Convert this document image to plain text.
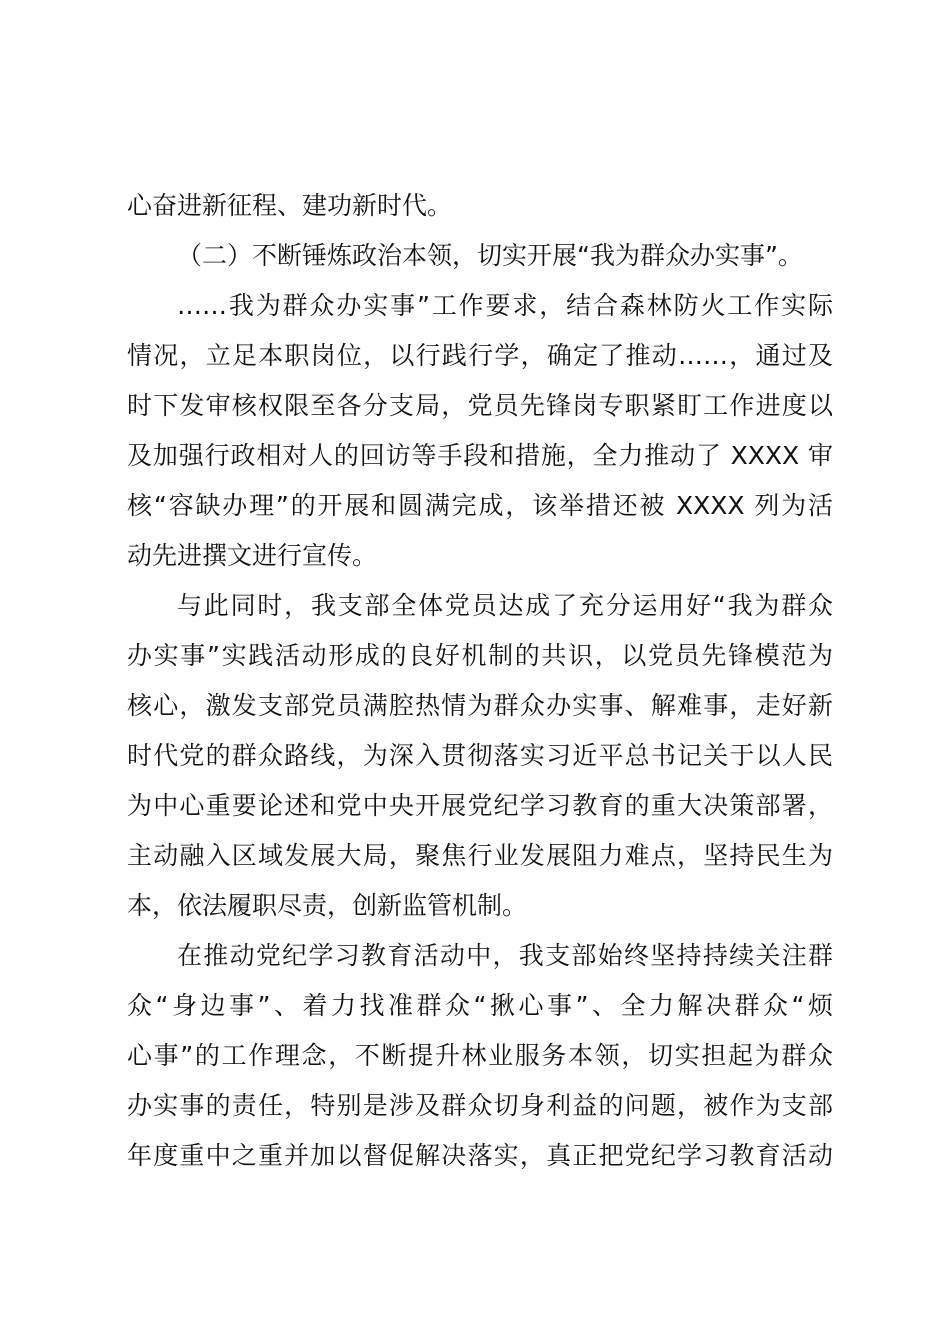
心奋进新征程、建功新时代。
（二）不断锤炼政治本领，切实开展“我为群众办实事”。
……我为群众办实事”工作要求，结合森林防火工作实际
情况，立足本职岗位，以行践行学，确定了推动……，通过及
时下发审核权限至各分支局，党员先锋岗专职紧盯工作进度以
及加强行政相对人的回访等手段和措施，全力推动了 XXXX 审
核“容缺办理”的开展和圆满完成，该举措还被 XXXX 列为活
动先进撰文进行宣传。
与此同时，我支部全体党员达成了充分运用好“我为群众
办实事”实践活动形成的良好机制的共识，以党员先锋模范为
核心，激发支部党员满腔热情为群众办实事、解难事，走好新
时代党的群众路线，为深入贯彻落实习近平总书记关于以人民
为中心重要论述和党中央开展党纪学习教育的重大决策部署，
主动融入区域发展大局，聚焦行业发展阻力难点，坚持民生为
本，依法履职尽责，创新监管机制。
在推动党纪学习教育活动中，我支部始终坚持持续关注群
众“身边事”、着力找准群众“揪心事”、全力解决群众“烦
心事”的工作理念，不断提升林业服务本领，切实担起为群众
办实事的责任，特别是涉及群众切身利益的问题，被作为支部
年度重中之重并加以督促解决落实，真正把党纪学习教育活动
